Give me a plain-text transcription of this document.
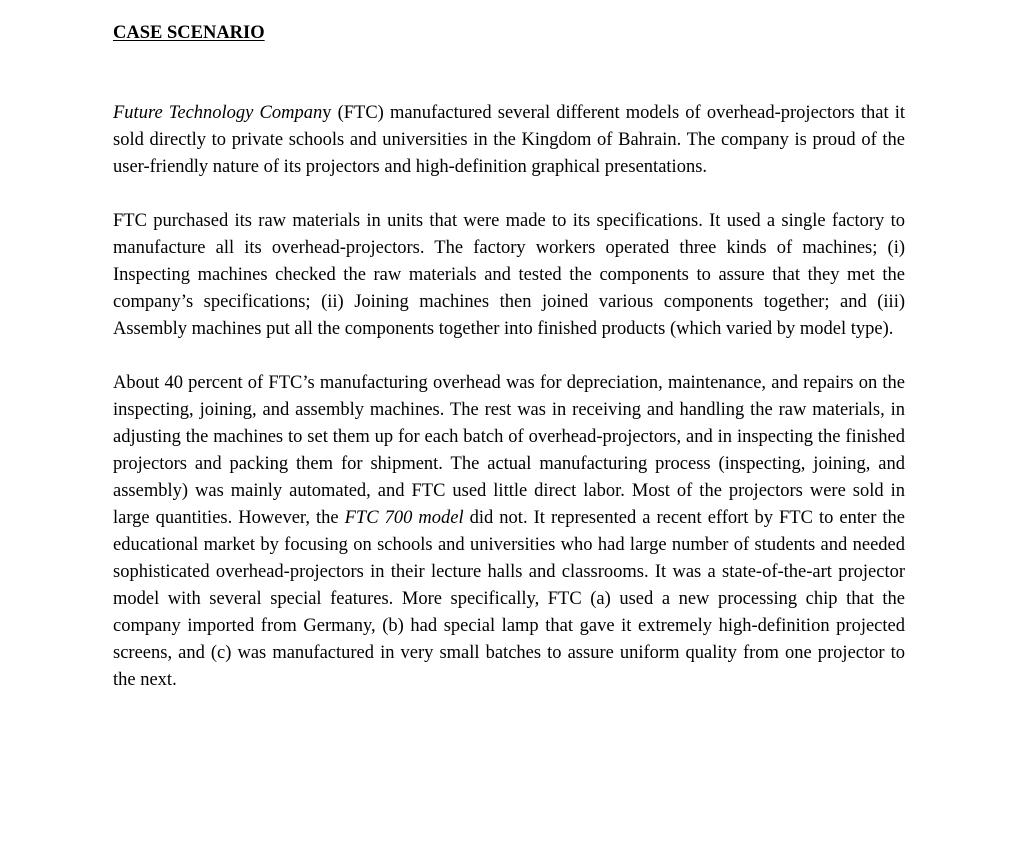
CASE SCENARIO

Future Technology Company (FTC) manufactured several different models of overhead-projectors that it sold directly to private schools and universities in the Kingdom of Bahrain. The company is proud of the user-friendly nature of its projectors and high-definition graphical presentations.

FTC purchased its raw materials in units that were made to its specifications. It used a single factory to manufacture all its overhead-projectors. The factory workers operated three kinds of machines; (i) Inspecting machines checked the raw materials and tested the components to assure that they met the company’s specifications; (ii) Joining machines then joined various components together; and (iii) Assembly machines put all the components together into finished products (which varied by model type).

About 40 percent of FTC’s manufacturing overhead was for depreciation, maintenance, and repairs on the inspecting, joining, and assembly machines. The rest was in receiving and handling the raw materials, in adjusting the machines to set them up for each batch of overhead-projectors, and in inspecting the finished projectors and packing them for shipment. The actual manufacturing process (inspecting, joining, and assembly) was mainly automated, and FTC used little direct labor. Most of the projectors were sold in large quantities. However, the FTC 700 model did not. It represented a recent effort by FTC to enter the educational market by focusing on schools and universities who had large number of students and needed sophisticated overhead-projectors in their lecture halls and classrooms. It was a state-of-the-art projector model with several special features. More specifically, FTC (a) used a new processing chip that the company imported from Germany, (b) had special lamp that gave it extremely high-definition projected screens, and (c) was manufactured in very small batches to assure uniform quality from one projector to the next.
